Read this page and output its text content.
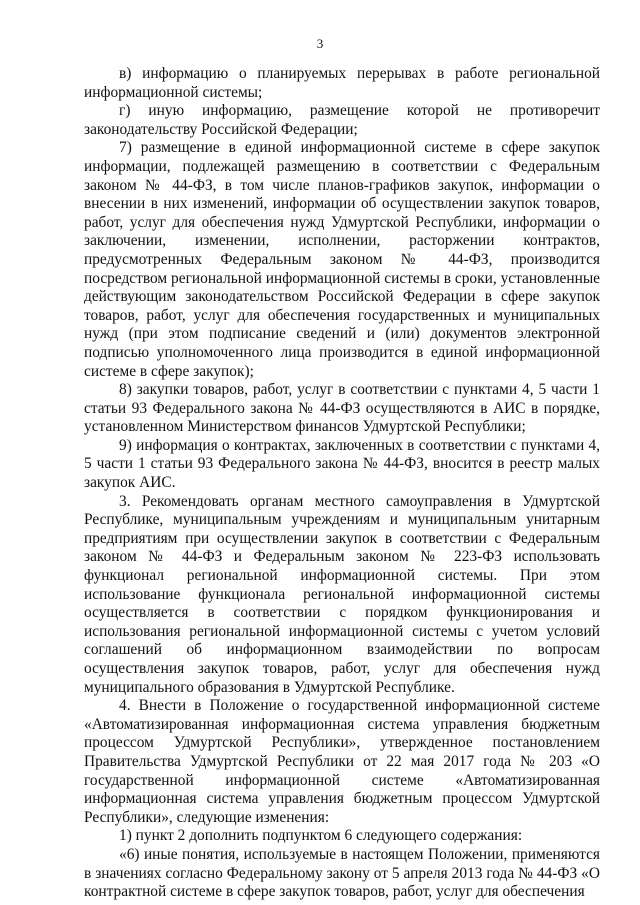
3

в) информацию о планируемых перерывах в работе региональной информационной системы;

г) иную информацию, размещение которой не противоречит законодательству Российской Федерации;

7) размещение в единой информационной системе в сфере закупок информации, подлежащей размещению в соответствии с Федеральным законом № 44-ФЗ, в том числе планов-графиков закупок, информации о внесении в них изменений, информации об осуществлении закупок товаров, работ, услуг для обеспечения нужд Удмуртской Республики, информации о заключении, изменении, исполнении, расторжении контрактов, предусмотренных Федеральным законом № 44-ФЗ, производится посредством региональной информационной системы в сроки, установленные действующим законодательством Российской Федерации в сфере закупок товаров, работ, услуг для обеспечения государственных и муниципальных нужд (при этом подписание сведений и (или) документов электронной подписью уполномоченного лица производится в единой информационной системе в сфере закупок);

8) закупки товаров, работ, услуг в соответствии с пунктами 4, 5 части 1 статьи 93 Федерального закона № 44-ФЗ осуществляются в АИС в порядке, установленном Министерством финансов Удмуртской Республики;

9) информация о контрактах, заключенных в соответствии с пунктами 4, 5 части 1 статьи 93 Федерального закона № 44-ФЗ, вносится в реестр малых закупок АИС.

3. Рекомендовать органам местного самоуправления в Удмуртской Республике, муниципальным учреждениям и муниципальным унитарным предприятиям при осуществлении закупок в соответствии с Федеральным законом № 44-ФЗ и Федеральным законом № 223-ФЗ использовать функционал региональной информационной системы. При этом использование функционала региональной информационной системы осуществляется в соответствии с порядком функционирования и использования региональной информационной системы с учетом условий соглашений об информационном взаимодействии по вопросам осуществления закупок товаров, работ, услуг для обеспечения нужд муниципального образования в Удмуртской Республике.

4. Внести в Положение о государственной информационной системе «Автоматизированная информационная система управления бюджетным процессом Удмуртской Республики», утвержденное постановлением Правительства Удмуртской Республики от 22 мая 2017 года № 203 «О государственной информационной системе «Автоматизированная информационная система управления бюджетным процессом Удмуртской Республики», следующие изменения:

1) пункт 2 дополнить подпунктом 6 следующего содержания:

«6) иные понятия, используемые в настоящем Положении, применяются в значениях согласно Федеральному закону от 5 апреля 2013 года № 44-ФЗ «О контрактной системе в сфере закупок товаров, работ, услуг для обеспечения
